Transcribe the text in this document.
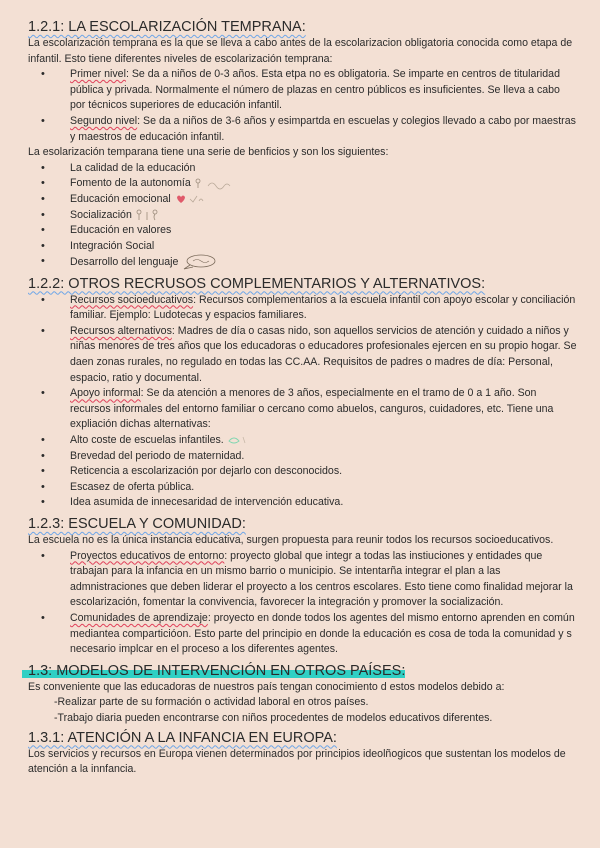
1.2.1: LA ESCOLARIZACIÓN TEMPRANA:

La escolarización temprana es la que se lleva a cabo antes de la escolarizacion obligatoria conocida como etapa de infantil. Esto tiene diferentes niveles de escolarización temprana:

• Primer nivel: Se da a niños de 0-3 años. Esta etpa no es obligatoria. Se imparte en centros de titularidad pública y privada. Normalmente el número de plazas en centro públicos es insuficientes. Se lleva a cabo por técnicos superiores de educación infantil.
• Segundo nivel: Se da a niños de 3-6 años y esimpartda en escuelas y colegios llevado a cabo por maestras y maestros de educación infantil.

La esolarización temparana tiene una serie de benficios y son los siguientes:

• La calidad de la educación
• Fomento de la autonomía
• Educación emocional
• Socialización
• Educación en valores
• Integración Social
• Desarrollo del lenguaje
1.2.2: OTROS RECRUSOS COMPLEMENTARIOS Y ALTERNATIVOS:
• Recursos socioeducativos: Recursos complementarios a la escuela infantil con apoyo escolar y conciliación familiar. Ejemplo: Ludotecas y espacios familiares.
• Recursos alternativos: Madres de día o casas nido, son aquellos servicios de atención y cuidado a niños y niñas menores de tres años que los educadoras o educadores profesionales ejercen en su propio hogar. Se daen zonas rurales, no regulado en todas las CC.AA. Requisitos de padres o madres de día: Personal, espacio, ratio y documental.
• Apoyo informal: Se da atención a menores de 3 años, especialmente en el tramo de 0 a 1 año. Son recursos informales del entorno familiar o cercano como abuelos, canguros, cuidadores, etc. Tiene una expliación dichas alternativas:
• Alto coste de escuelas infantiles.
• Brevedad del periodo de maternidad.
• Reticencia a escolarización por dejarlo con desconocidos.
• Escasez de oferta pública.
• Idea asumida de innecesaridad de intervención educativa.
1.2.3: ESCUELA Y COMUNIDAD:

La escuela no es la única instancia educativa, surgen propuesta para reunir todos los recursos socioeducativos.

• Proyectos educativos de entorno: proyecto global que integr a todas las instiuciones y entidades que trabajan para la infancia en un mismo barrio o municipio. Se intentarña integrar el plan a las admnistraciones que deben liderar el proyecto a los centros escolares. Esto tiene como finalidad mejorar la escolarización, fomentar la convivencia, favorecer la integración y promover la socialización.
• Comunidades de aprendizaje: proyecto en donde todos los agentes del mismo entorno aprenden en común mediantea comparticióon. Esto parte del principio en donde la educación es cosa de toda la comunidad y s necesario implcar en el proceso a los diferentes agentes.
1.3: MODELOS DE INTERVENCIÓN EN OTROS PAÍSES:

Es conveniente que las educadoras de nuestros país tengan conocimiento d estos modelos debido a:

-Realizar parte de su formación o actividad laboral en otros países.

-Trabajo diaria pueden encontrarse con niños procedentes de modelos educativos diferentes.

1.3.1: ATENCIÓN A LA INFANCIA EN EUROPA:

Los servicios y recursos en Europa vienen determinados por principios ideolñogicos que sustentan los modelos de atención a la innfancia.
